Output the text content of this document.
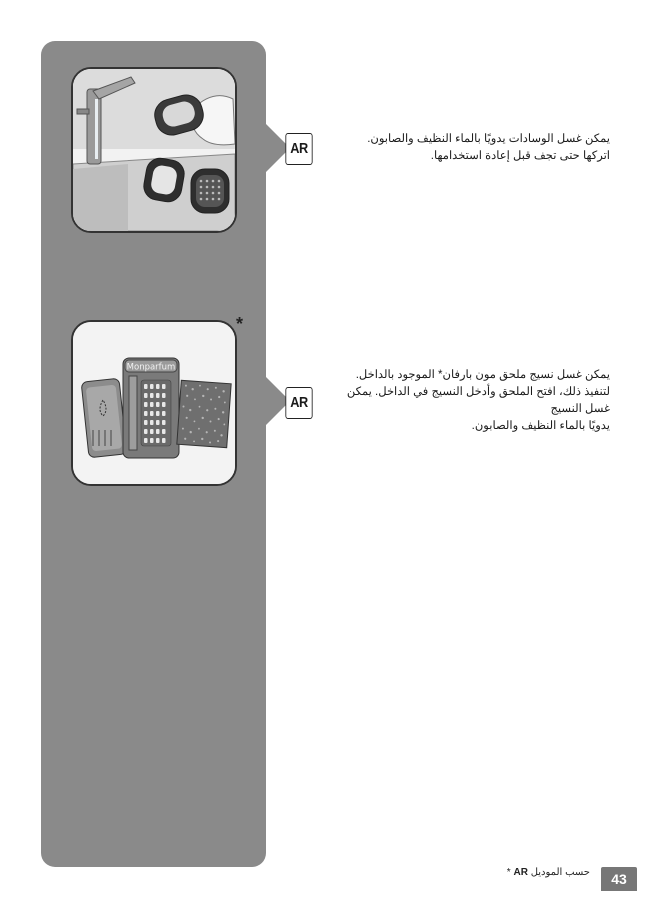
Monparfum
*
AR
يمكن غسل الوسادات يدويًا بالماء النظيف والصابون.
اتركها حتى تجف قبل إعادة استخدامها.
AR
يمكن غسل نسيج ملحق مون بارفان* الموجود بالداخل.
لتنفيذ ذلك، افتح الملحق وأدخل النسيج في الداخل. يمكن
غسل النسيج
يدويًا بالماء النظيف والصابون.
حسب الموديل AR *	43
